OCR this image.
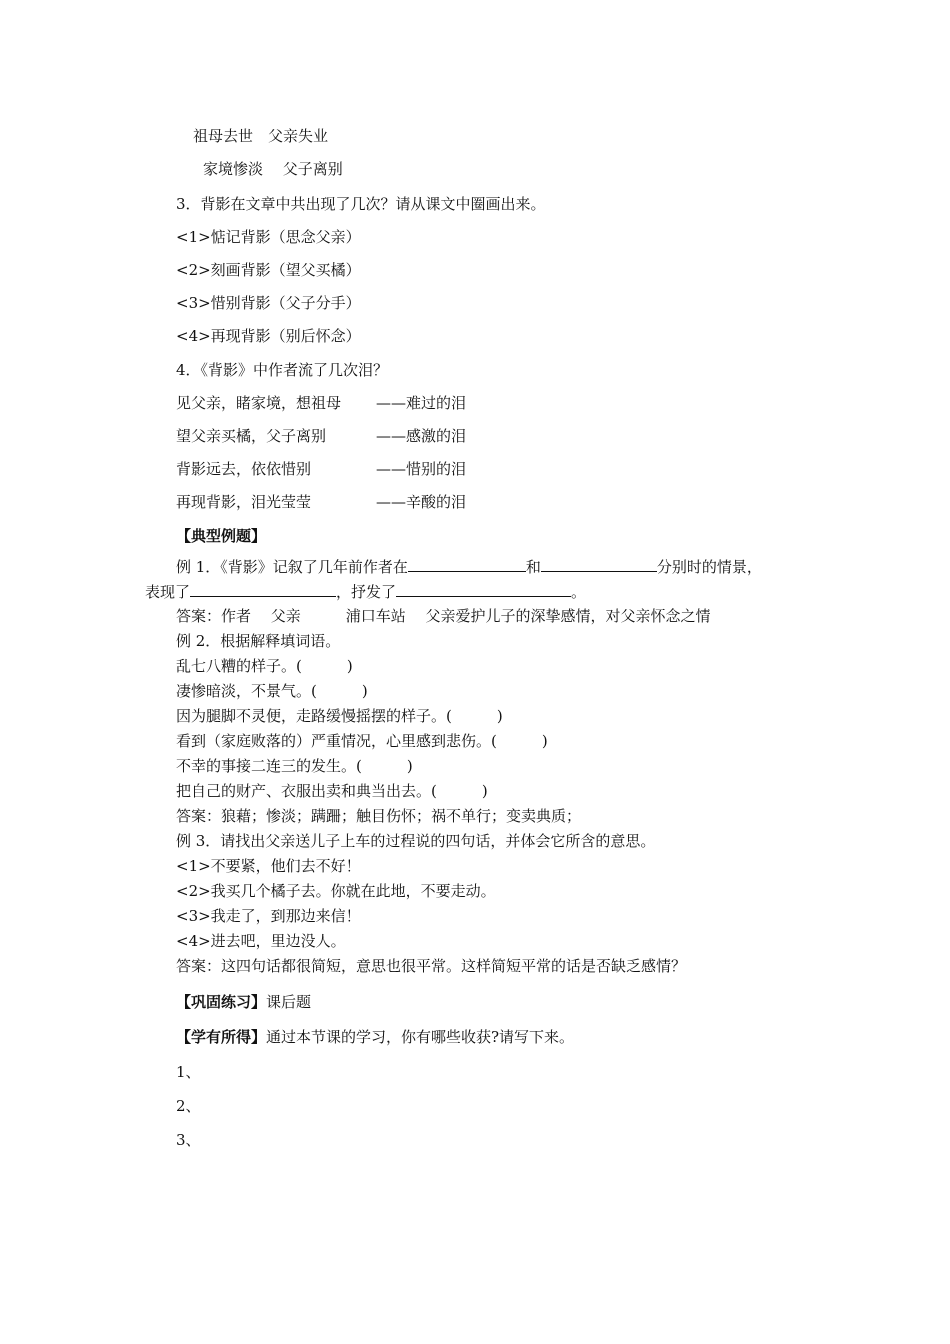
祖母去世　父亲失业
家境惨淡　 父子离别
3．背影在文章中共出现了几次？请从课文中圈画出来。
<1>惦记背影（思念父亲）
<2>刻画背影（望父买橘）
<3>惜别背影（父子分手）
<4>再现背影（别后怀念）
4．《背影》中作者流了几次泪？
见父亲，睹家境，想祖母 ——难过的泪
望父亲买橘，父子离别	——感激的泪
背影远去，依依惜别	——惜别的泪
再现背影，泪光莹莹	——辛酸的泪
【典型例题】
例 1．《背影》记叙了几年前作者在	和	分别时的情景，
表现了	，抒发了	。
答案：作者　 父亲　　　浦口车站　 父亲爱护儿子的深挚感情，对父亲怀念之情
例 2．根据解释填词语。
乱七八糟的样子。(　　　)
凄惨暗淡，不景气。(　　　)
因为腿脚不灵便，走路缓慢摇摆的样子。(　　　)
看到（家庭败落的）严重情况，心里感到悲伤。(　　　)
不幸的事接二连三的发生。(　　　)
把自己的财产、衣服出卖和典当出去。(　　　)
答案：狼藉；惨淡；蹒跚；触目伤怀；祸不单行；变卖典质；
例 3．请找出父亲送儿子上车的过程说的四句话，并体会它所含的意思。
<1>不要紧，他们去不好！
<2>我买几个橘子去。你就在此地，不要走动。
<3>我走了，到那边来信！
<4>进去吧，里边没人。
答案：这四句话都很简短，意思也很平常。这样简短平常的话是否缺乏感情？
【巩固练习】课后题
【学有所得】通过本节课的学习，你有哪些收获?请写下来。
1、
2、
3、
